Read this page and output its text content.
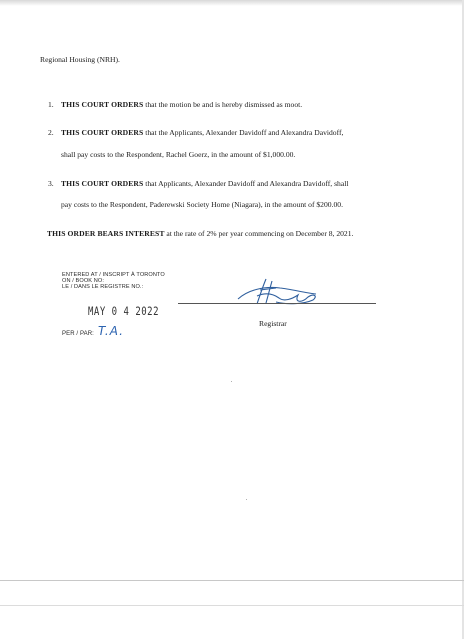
Regional Housing (NRH).
1. THIS COURT ORDERS that the motion be and is hereby dismissed as moot.
2. THIS COURT ORDERS that the Applicants, Alexander Davidoff and Alexandra Davidoff,
shall pay costs to the Respondent, Rachel Goerz, in the amount of $1,000.00.
3. THIS COURT ORDERS that Applicants, Alexander Davidoff and Alexandra Davidoff, shall
pay costs to the Respondent, Paderewski Society Home (Niagara), in the amount of $200.00.
THIS ORDER BEARS INTEREST at the rate of 2% per year commencing on December 8, 2021.
ENTERED AT / INSCRIPT À TORONTO
ON / BOOK NO:
LE / DANS LE REGISTRE NO.:
MAY 0 4 2022
PER / PAR: T.A.
Registrar
